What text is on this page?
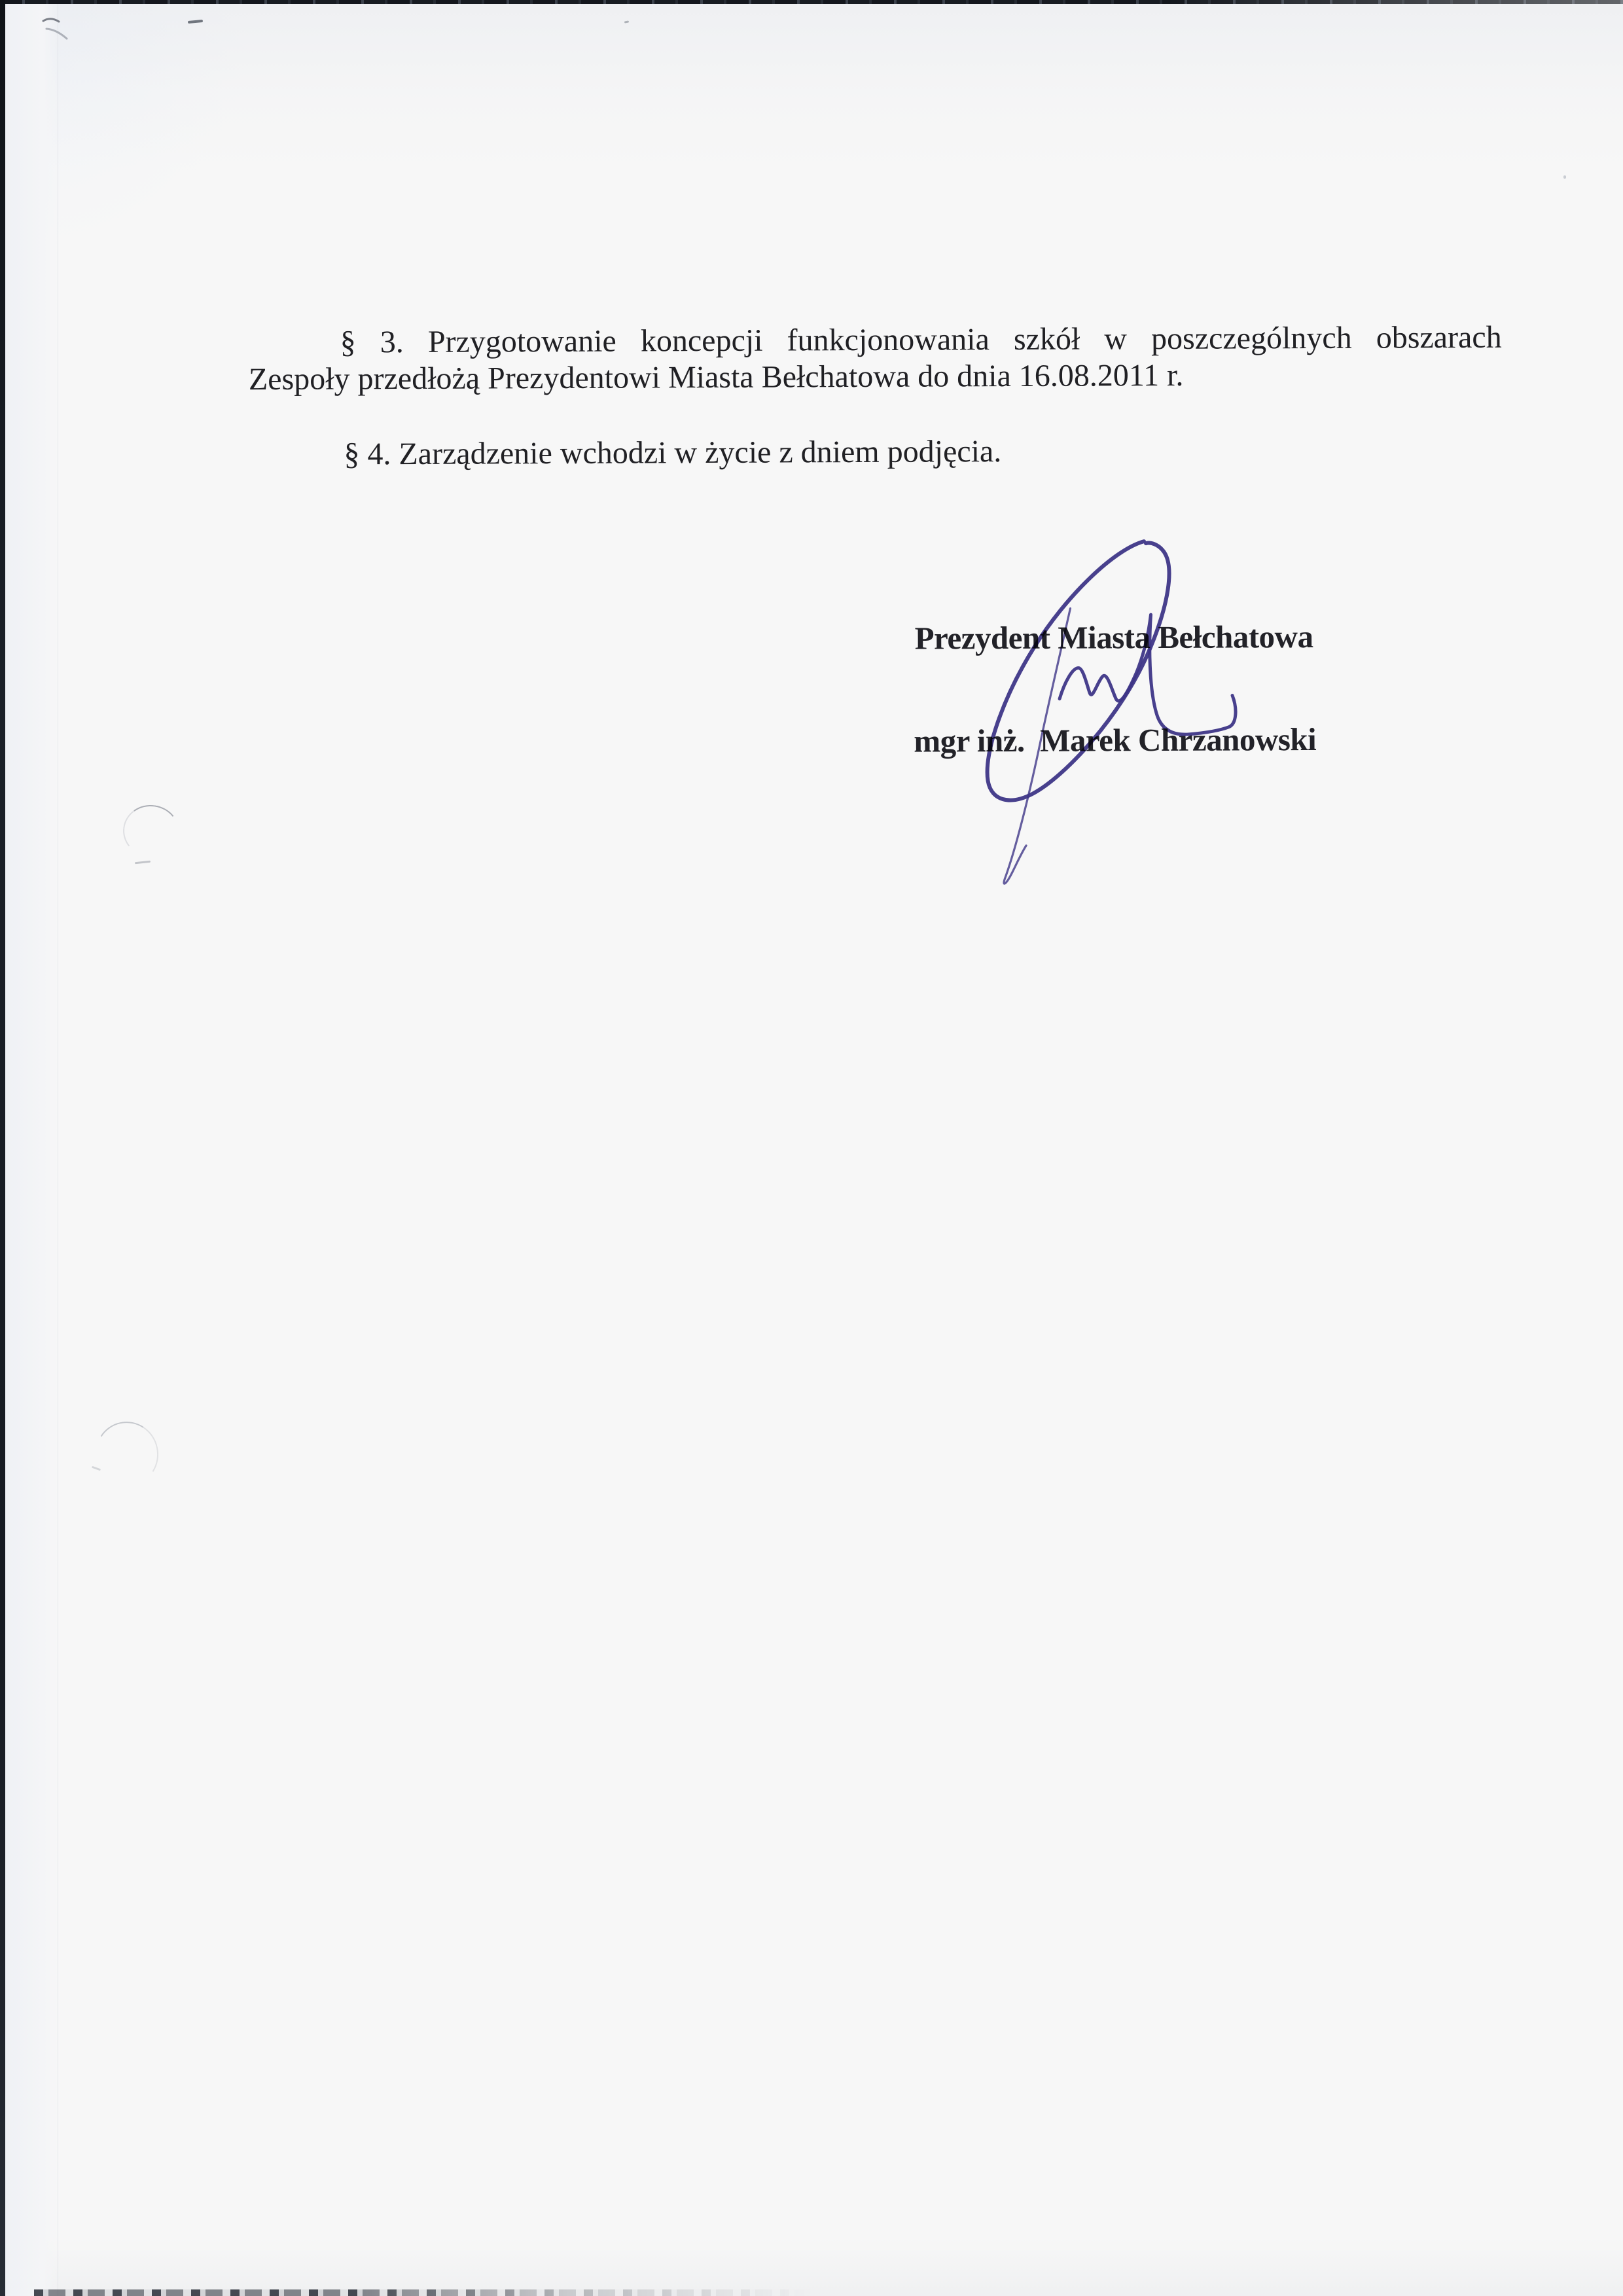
§ 3. Przygotowanie koncepcji funkcjonowania szkół w poszczególnych obszarach
Zespoły przedłożą Prezydentowi Miasta Bełchatowa do dnia 16.08.2011 r.
§ 4. Zarządzenie wchodzi w życie z dniem podjęcia.
Prezydent Miasta Bełchatowa
mgr inż.  Marek Chrzanowski
